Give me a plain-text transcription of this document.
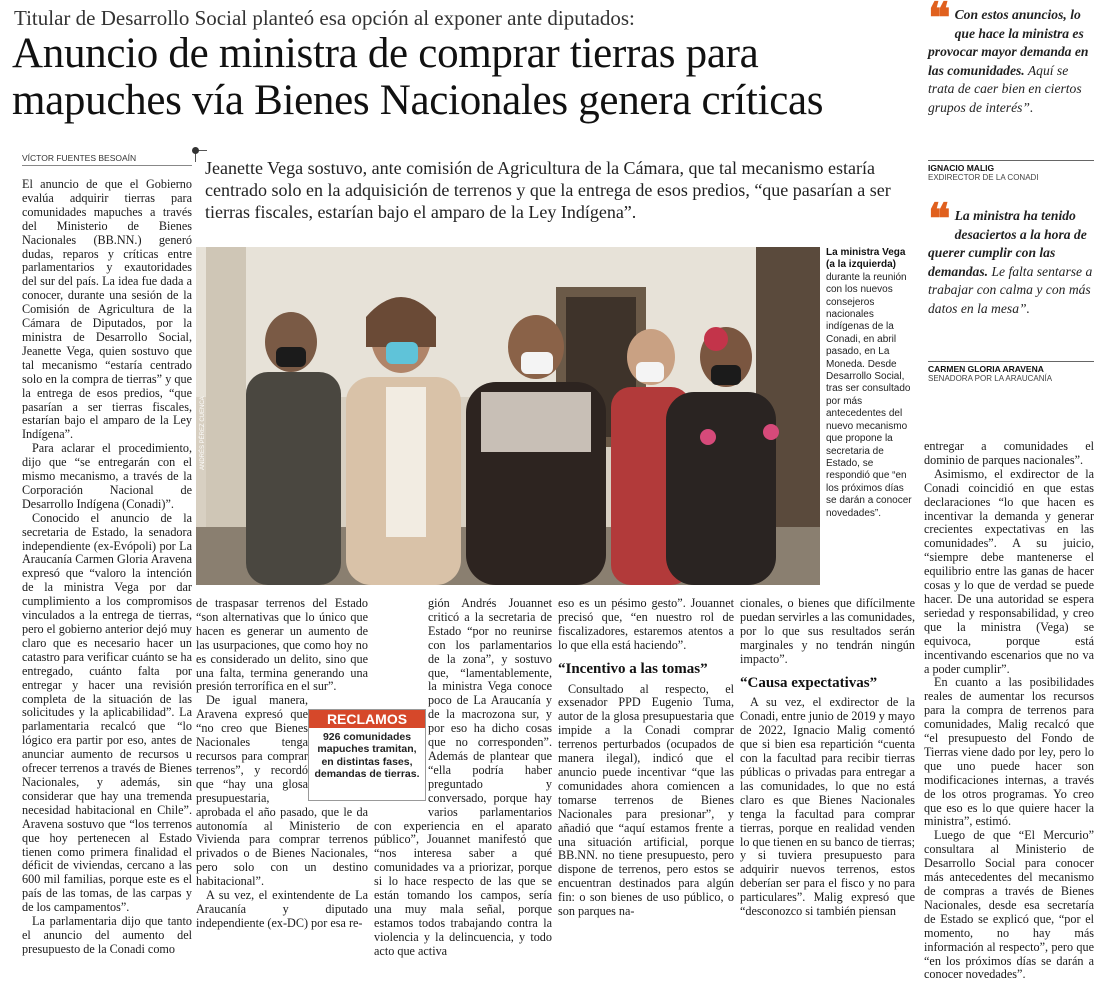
Titular de Desarrollo Social planteó esa opción al exponer ante diputados:
Anuncio de ministra de comprar tierras para mapuches vía Bienes Nacionales genera críticas
VÍCTOR FUENTES BESOAÍN	Jeanette Vega sostuvo, ante comisión de Agricultura de la Cámara, que tal mecanismo estaría centrado solo en la adquisición de terrenos y que la entrega de esos predios, “que pasarían a ser tierras fiscales, estarían bajo el amparo de la Ley Indígena”.

El anuncio de que el Gobierno evalúa adquirir tierras para comunidades mapuches a través del Ministerio de Bienes Nacionales (BB.NN.) generó dudas, reparos y críticas entre parlamentarios y exautoridades del sur del país. La idea fue dada a conocer, durante una sesión de la Comisión de Agricultura de la Cámara de Diputados, por la ministra de Desarrollo Social, Jeanette Vega, quien sostuvo que tal mecanismo “estaría centrado solo en la compra de tierras” y que la entrega de esos predios, “que pasarían a ser tierras fiscales, estarían bajo el amparo de la Ley Indígena”.

Para aclarar el procedimiento, dijo que “se entregarán con el mismo mecanismo, a través de la Corporación Nacional de Desarrollo Indígena (Conadi)”.

Conocido el anuncio de la secretaria de Estado, la senadora independiente (ex-Evópoli) por La Araucanía Carmen Gloria Aravena expresó que “valoro la intención de la ministra Vega por dar cumplimiento a los compromisos vinculados a la entrega de tierras, pero el gobierno anterior dejó muy claro que es necesario hacer un catastro para verificar cuánto se ha entregado, cuánto falta por entregar y hacer una revisión completa de la situación de las solicitudes y la aplicabilidad”. La parlamentaria recalcó que “lo lógico era partir por eso, antes de anunciar aumento de recursos u ofrecer terrenos a través de Bienes Nacionales, y además, sin considerar que hay una tremenda necesidad habitacional en Chile”. Aravena sostuvo que “los terrenos que hoy pertenecen al Estado tienen como primera finalidad el déficit de viviendas, cercano a las 600 mil familias, porque este es el país de las tomas, de las carpas y de los campamentos”.

La parlamentaria dijo que tanto el anuncio del aumento del presupuesto de la Conadi como

ANDRÉS PÉREZ CUENCA
La ministra Vega (a la izquierda) durante la reunión con los nuevos consejeros nacionales indígenas de la Conadi, en abril pasado, en La Moneda. Desde Desarrollo Social, tras ser consultado por más antecedentes del nuevo mecanismo que propone la secretaria de Estado, se respondió que “en los próximos días se darán a conocer novedades”.

de traspasar terrenos del Estado “son alternativas que lo único que hacen es generar un aumento de las usurpaciones, que como hoy no es considerado un delito, sino que una falta, termina generando una presión terrorífica en el sur”.

De igual manera, Aravena expresó que “no creo que Bienes Nacionales tenga recursos para comprar terrenos”, y recordó que “hay una glosa presupuestaria, aprobada el año pasado, que le da autonomía al Ministerio de Vivienda para comprar terrenos privados o de Bienes Nacionales, pero solo con un destino habitacional”.

A su vez, el exintendente de La Araucanía y diputado independiente (ex-DC) por esa re-

gión Andrés Jouannet criticó a la secretaria de Estado “por no reunirse con los parlamentarios de la zona”, y sostuvo que, “lamentablemente, la ministra Vega conoce poco de La Araucanía y de la macrozona sur, y por eso ha dicho cosas que no corresponden”. Además de plantear que “ella podría haber preguntado y conversado, porque hay varios parlamentarios con experiencia en el aparato público”, Jouannet manifestó que “nos interesa saber a qué comunidades va a priorizar, porque si lo hace respecto de las que se están tomando los campos, sería una muy mala señal, porque estamos todos trabajando contra la violencia y la delincuencia, y todo acto que activa

RECLAMOS
926 comunidades mapuches tramitan, en distintas fases, demandas de tierras.

eso es un pésimo gesto”. Jouannet precisó que, “en nuestro rol de fiscalizadores, estaremos atentos a lo que ella está haciendo”.

“Incentivo a las tomas”

Consultado al respecto, el exsenador PPD Eugenio Tuma, autor de la glosa presupuestaria que impide a la Conadi comprar terrenos perturbados (ocupados de manera ilegal), indicó que el anuncio puede incentivar “que las comunidades ahora comiencen a tomarse terrenos de Bienes Nacionales para presionar”, y añadió que “aquí estamos frente a una situación artificial, porque BB.NN. no tiene presupuesto, pero dispone de terrenos, pero estos se encuentran destinados para algún fin: o son bienes de uso público, o son parques na-

cionales, o bienes que difícilmente puedan servirles a las comunidades, por lo que sus resultados serán marginales y no tendrán ningún impacto”.

“Causa expectativas”

A su vez, el exdirector de la Conadi, entre junio de 2019 y mayo de 2022, Ignacio Malig comentó que si bien esa repartición “cuenta con la facultad para recibir tierras públicas o privadas para entregar a las comunidades, lo que no está claro es que Bienes Nacionales tenga la facultad para comprar tierras, porque en realidad venden lo que tienen en su banco de tierras; y si tuviera presupuesto para adquirir nuevos terrenos, estos deberían ser para el fisco y no para particulares”. Malig expresó que “desconozco si también piensan

entregar a comunidades el dominio de parques nacionales”.

Asimismo, el exdirector de la Conadi coincidió en que estas declaraciones “lo que hacen es incentivar la demanda y generar crecientes expectativas en las comunidades”. A su juicio, “siempre debe mantenerse el equilibrio entre las ganas de hacer cosas y lo que de verdad se puede hacer. De una autoridad se espera seriedad y responsabilidad, y creo que la ministra (Vega) se equivoca, porque está incentivando escenarios que no va a poder cumplir”.

En cuanto a las posibilidades reales de aumentar los recursos para la compra de terrenos para comunidades, Malig recalcó que “el presupuesto del Fondo de Tierras viene dado por ley, pero lo que uno puede hacer son modificaciones internas, a través de los otros programas. Yo creo que eso es lo que quiere hacer la ministra”, estimó.

Luego de que “El Mercurio” consultara al Ministerio de Desarrollo Social para conocer más antecedentes del mecanismo de compras a través de Bienes Nacionales, desde esa secretaría de Estado se explicó que, “por el momento, no hay más información al respecto”, pero que “en los próximos días se darán a conocer novedades”.

❝ Con estos anuncios, lo que hace la ministra es provocar mayor demanda en las comunidades. Aquí se trata de caer bien en ciertos grupos de interés”.
IGNACIO MALIG
EXDIRECTOR DE LA CONADI
❝ La ministra ha tenido desaciertos a la hora de querer cumplir con las demandas. Le falta sentarse a trabajar con calma y con más datos en la mesa”.
CARMEN GLORIA ARAVENA
SENADORA POR LA ARAUCANÍA
